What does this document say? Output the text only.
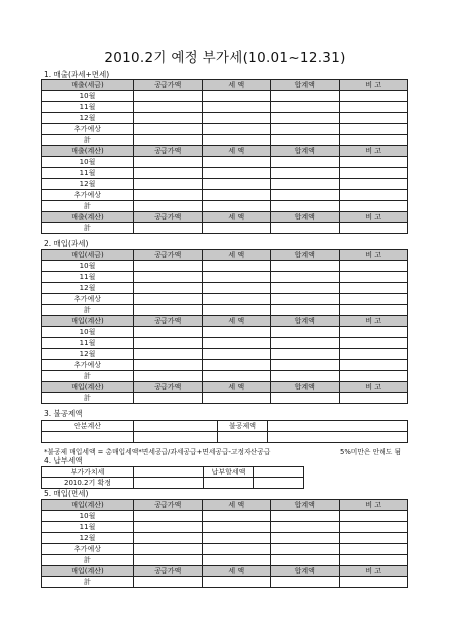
2010.2기 예정 부가세(10.01~12.31)
1. 매출(과세+면세)
매출(세금)	공급가액	세 액	합계액	비 고
10월				
11월				
12월				
추가예상				
計				
매출(계산)	공급가액	세 액	합계액	비 고
10월				
11월				
12월				
추가예상				
計				
매출(계산)	공급가액	세 액	합계액	비 고
計				
2. 매입(과세)
매입(세금)	공급가액	세 액	합계액	비 고
10월				
11월				
12월				
추가예상				
計				
매입(계산)	공급가액	세 액	합계액	비 고
10월				
11월				
12월				
추가예상				
計				
매입(계산)	공급가액	세 액	합계액	비 고
計				
3. 불공제액
안분계산		불공제액	

*불공제 매입세액 = 총매입세액*면세공급/과세공급+면세공급-고정자산공급	5%미만은 안해도 됨
4. 납부세액
부가가치세		납부할세액	
2010.2기 확정			
5. 매입(면세)
매입(계산)	공급가액	세 액	합계액	비 고
10월				
11월				
12월				
추가예상				
計				
매입(계산)	공급가액	세 액	합계액	비 고
計				
